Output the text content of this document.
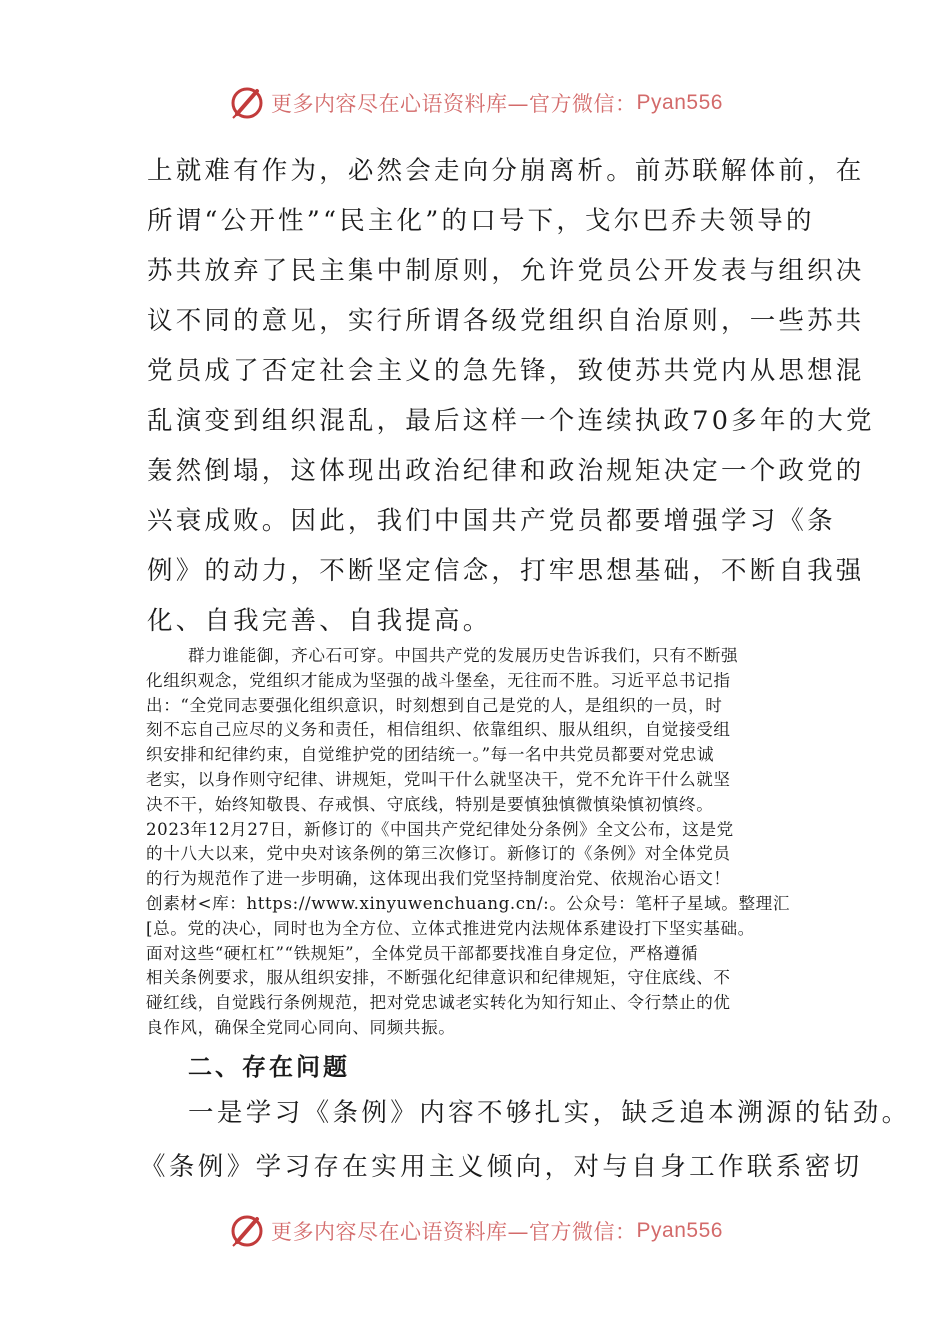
更多内容尽在心语资料库—官方微信： Pyan556

上就难有作为，必然会走向分崩离析。前苏联解体前，在

所谓“公开性”“民主化”的口号下，戈尔巴乔夫领导的

苏共放弃了民主集中制原则，允许党员公开发表与组织决

议不同的意见，实行所谓各级党组织自治原则，一些苏共

党员成了否定社会主义的急先锋，致使苏共党内从思想混

乱演变到组织混乱，最后这样一个连续执政70多年的大党

轰然倒塌，这体现出政治纪律和政治规矩决定一个政党的

兴衰成败。因此，我们中国共产党员都要增强学习《条

例》的动力，不断坚定信念，打牢思想基础，不断自我强

化、自我完善、自我提高。

群力谁能御，齐心石可穿。中国共产党的发展历史告诉我们，只有不断强

化组织观念，党组织才能成为坚强的战斗堡垒，无往而不胜。习近平总书记指

出：“全党同志要强化组织意识，时刻想到自己是党的人，是组织的一员，时

刻不忘自己应尽的义务和责任，相信组织、依靠组织、服从组织，自觉接受组

织安排和纪律约束，自觉维护党的团结统一。”每一名中共党员都要对党忠诚

老实，以身作则守纪律、讲规矩，党叫干什么就坚决干，党不允许干什么就坚

决不干，始终知敬畏、存戒惧、守底线，特别是要慎独慎微慎染慎初慎终。

2023年12月27日，新修订的《中国共产党纪律处分条例》全文公布，这是党

的十八大以来，党中央对该条例的第三次修订。新修订的《条例》对全体党员

的行为规范作了进一步明确，这体现出我们党坚持制度治党、依规治心语文！

创素材<库：https://www.xinyuwenchuang.cn/:。公众号：笔杆子星域。整理汇

[总。党的决心，同时也为全方位、立体式推进党内法规体系建设打下坚实基础。

面对这些“硬杠杠”“铁规矩”，全体党员干部都要找准自身定位，严格遵循

相关条例要求，服从组织安排，不断强化纪律意识和纪律规矩，守住底线、不

碰红线，自觉践行条例规范，把对党忠诚老实转化为知行知止、令行禁止的优

良作风，确保全党同心同向、同频共振。

二、存在问题

一是学习《条例》内容不够扎实，缺乏追本溯源的钻劲。

《条例》学习存在实用主义倾向，对与自身工作联系密切

更多内容尽在心语资料库—官方微信： Pyan556
